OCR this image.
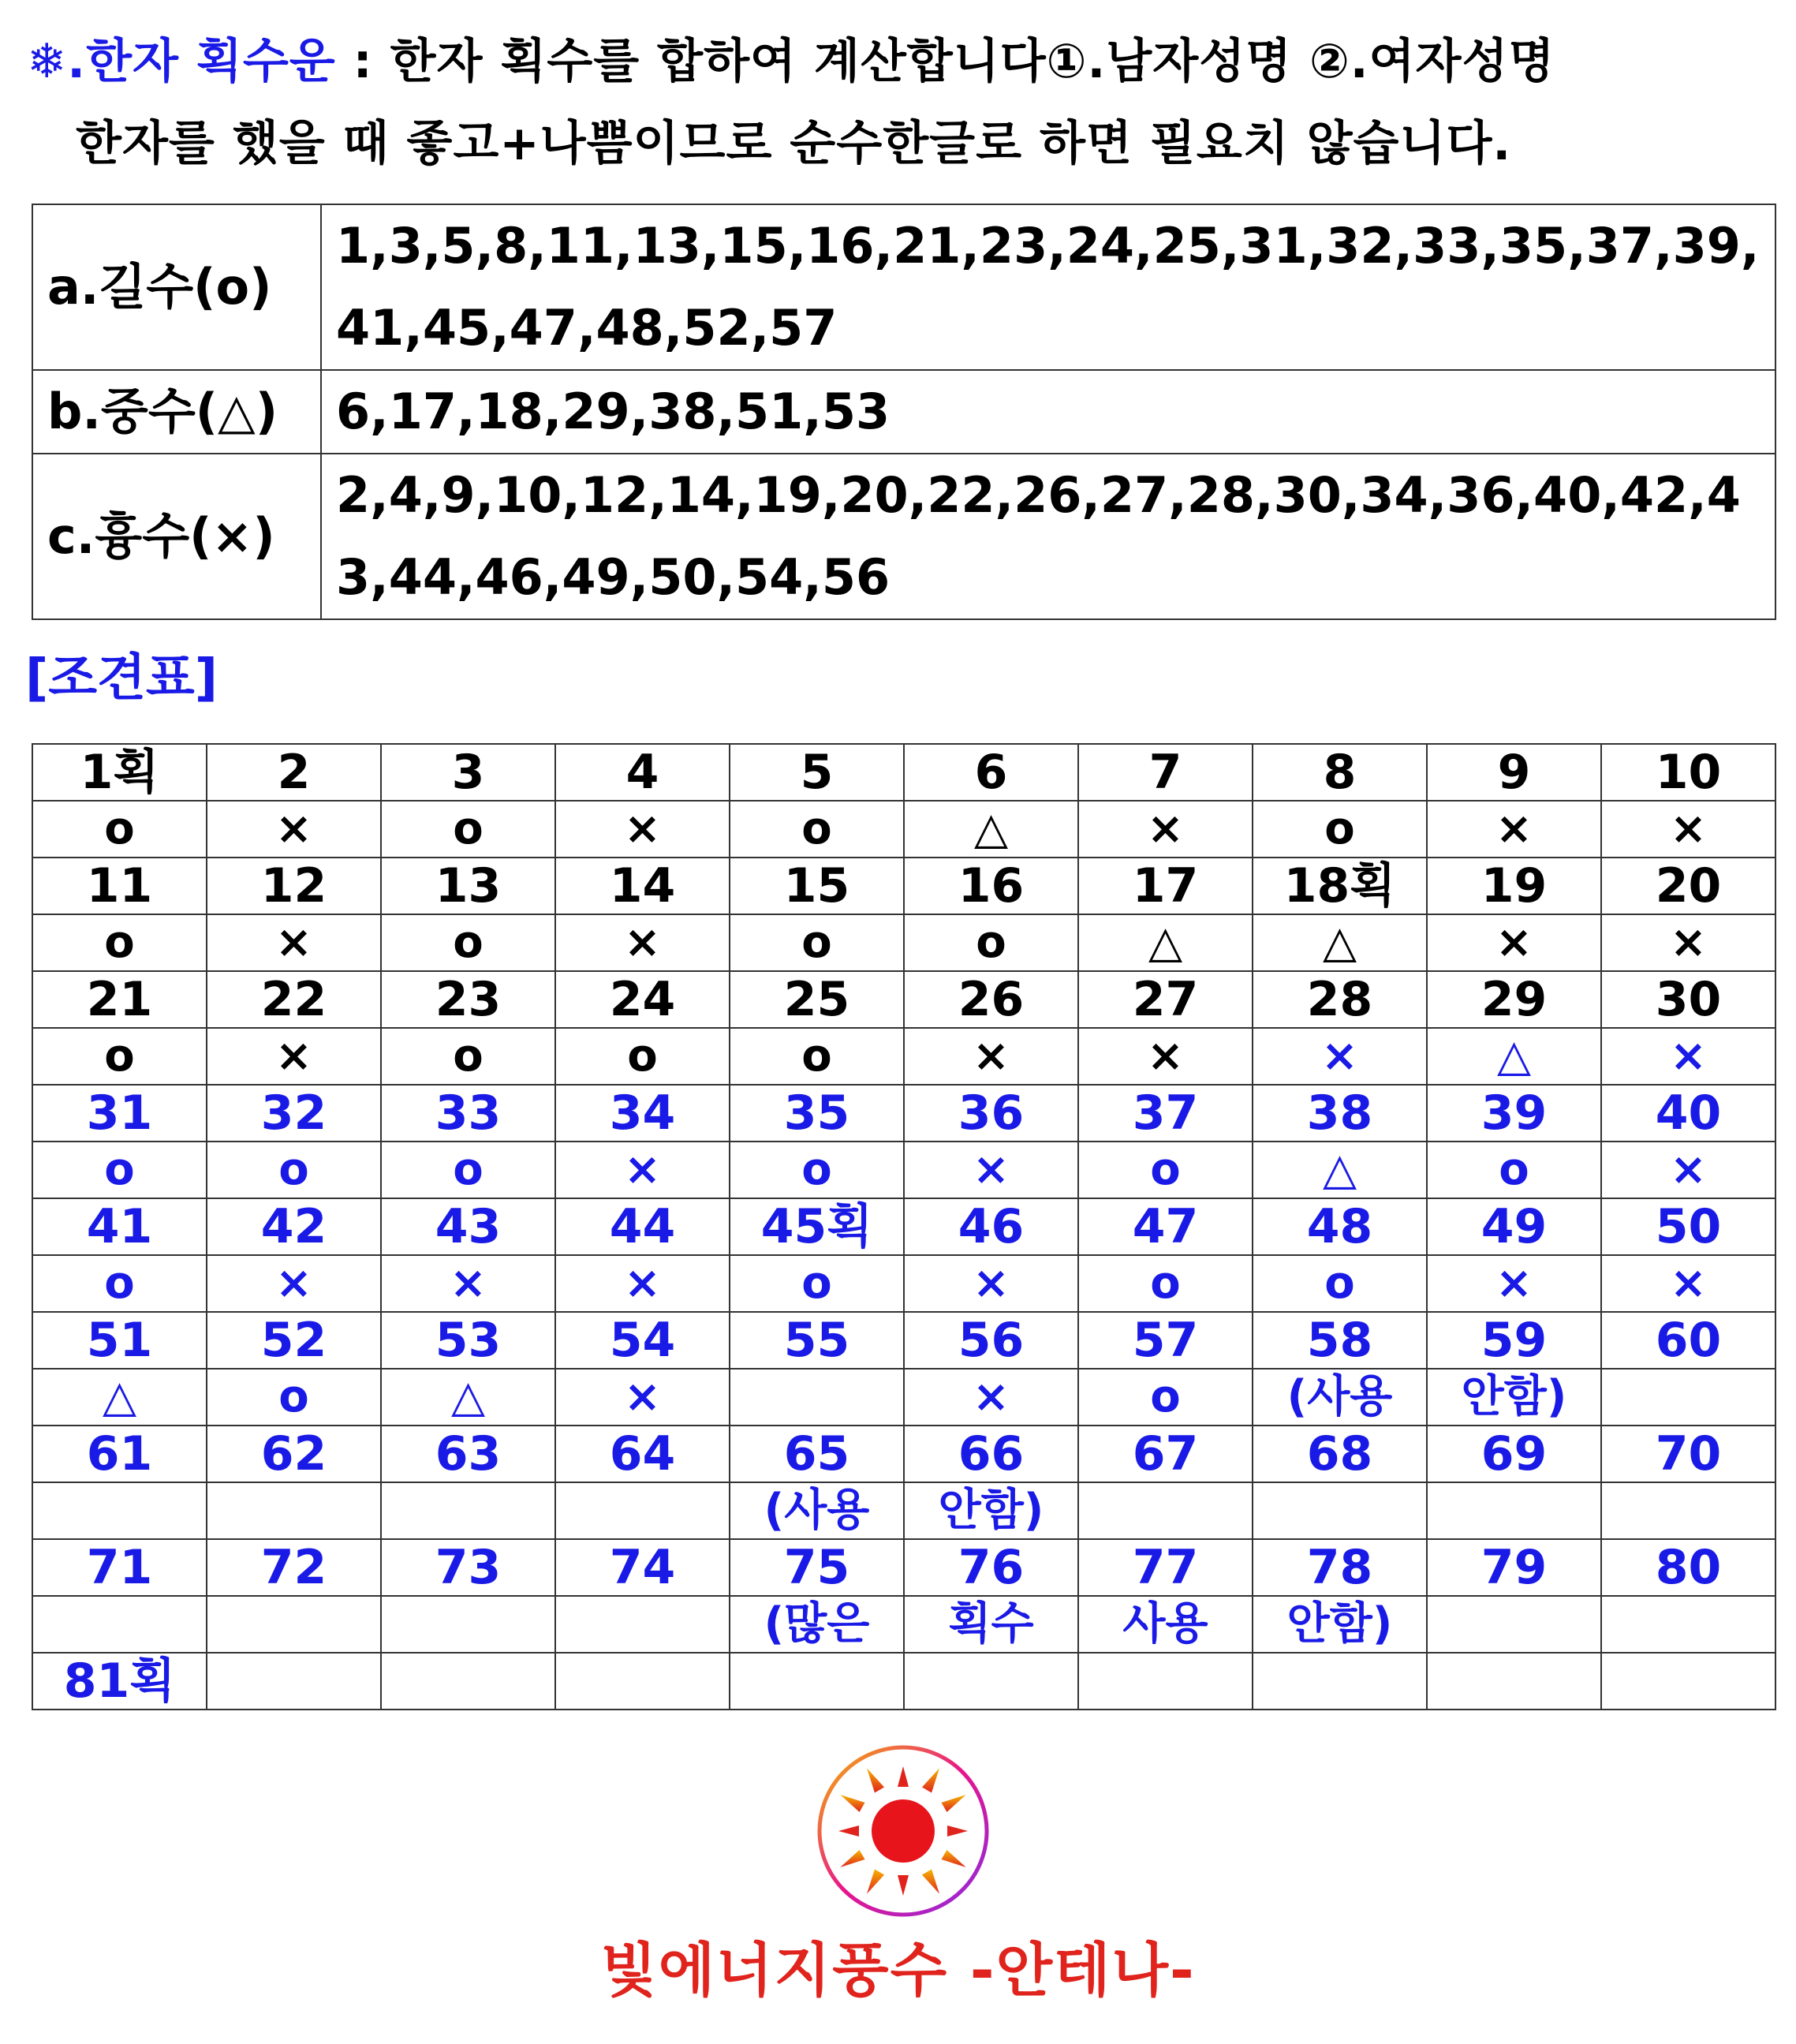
❄.한자 획수운 : 한자 획수를 합하여 계산합니다①.남자성명 ②.여자성명
한자를 했을 때 좋고+나쁨이므로 순수한글로 하면 필요치 않습니다.
a.길수(o)	1,3,5,8,11,13,15,16,21,23,24,25,31,32,33,35,37,39,41,45,47,48,52,57
b.중수(△)	6,17,18,29,38,51,53
c.흉수(×)	2,4,9,10,12,14,19,20,22,26,27,28,30,34,36,40,42,43,44,46,49,50,54,56
[조견표]
1획	2	3	4	5	6	7	8	9	10
o	×	o	×	o	△	×	o	×	×
11	12	13	14	15	16	17	18획	19	20
o	×	o	×	o	o	△	△	×	×
21	22	23	24	25	26	27	28	29	30
o	×	o	o	o	×	×	×	△	×
31	32	33	34	35	36	37	38	39	40
o	o	o	×	o	×	o	△	o	×
41	42	43	44	45획	46	47	48	49	50
o	×	×	×	o	×	o	o	×	×
51	52	53	54	55	56	57	58	59	60
△	o	△	×		×	o	(사용	안함)	
61	62	63	64	65	66	67	68	69	70
				(사용	안함)				
71	72	73	74	75	76	77	78	79	80
				(많은	획수	사용	안함)		
81획									
빛에너지풍수 -안테나-
